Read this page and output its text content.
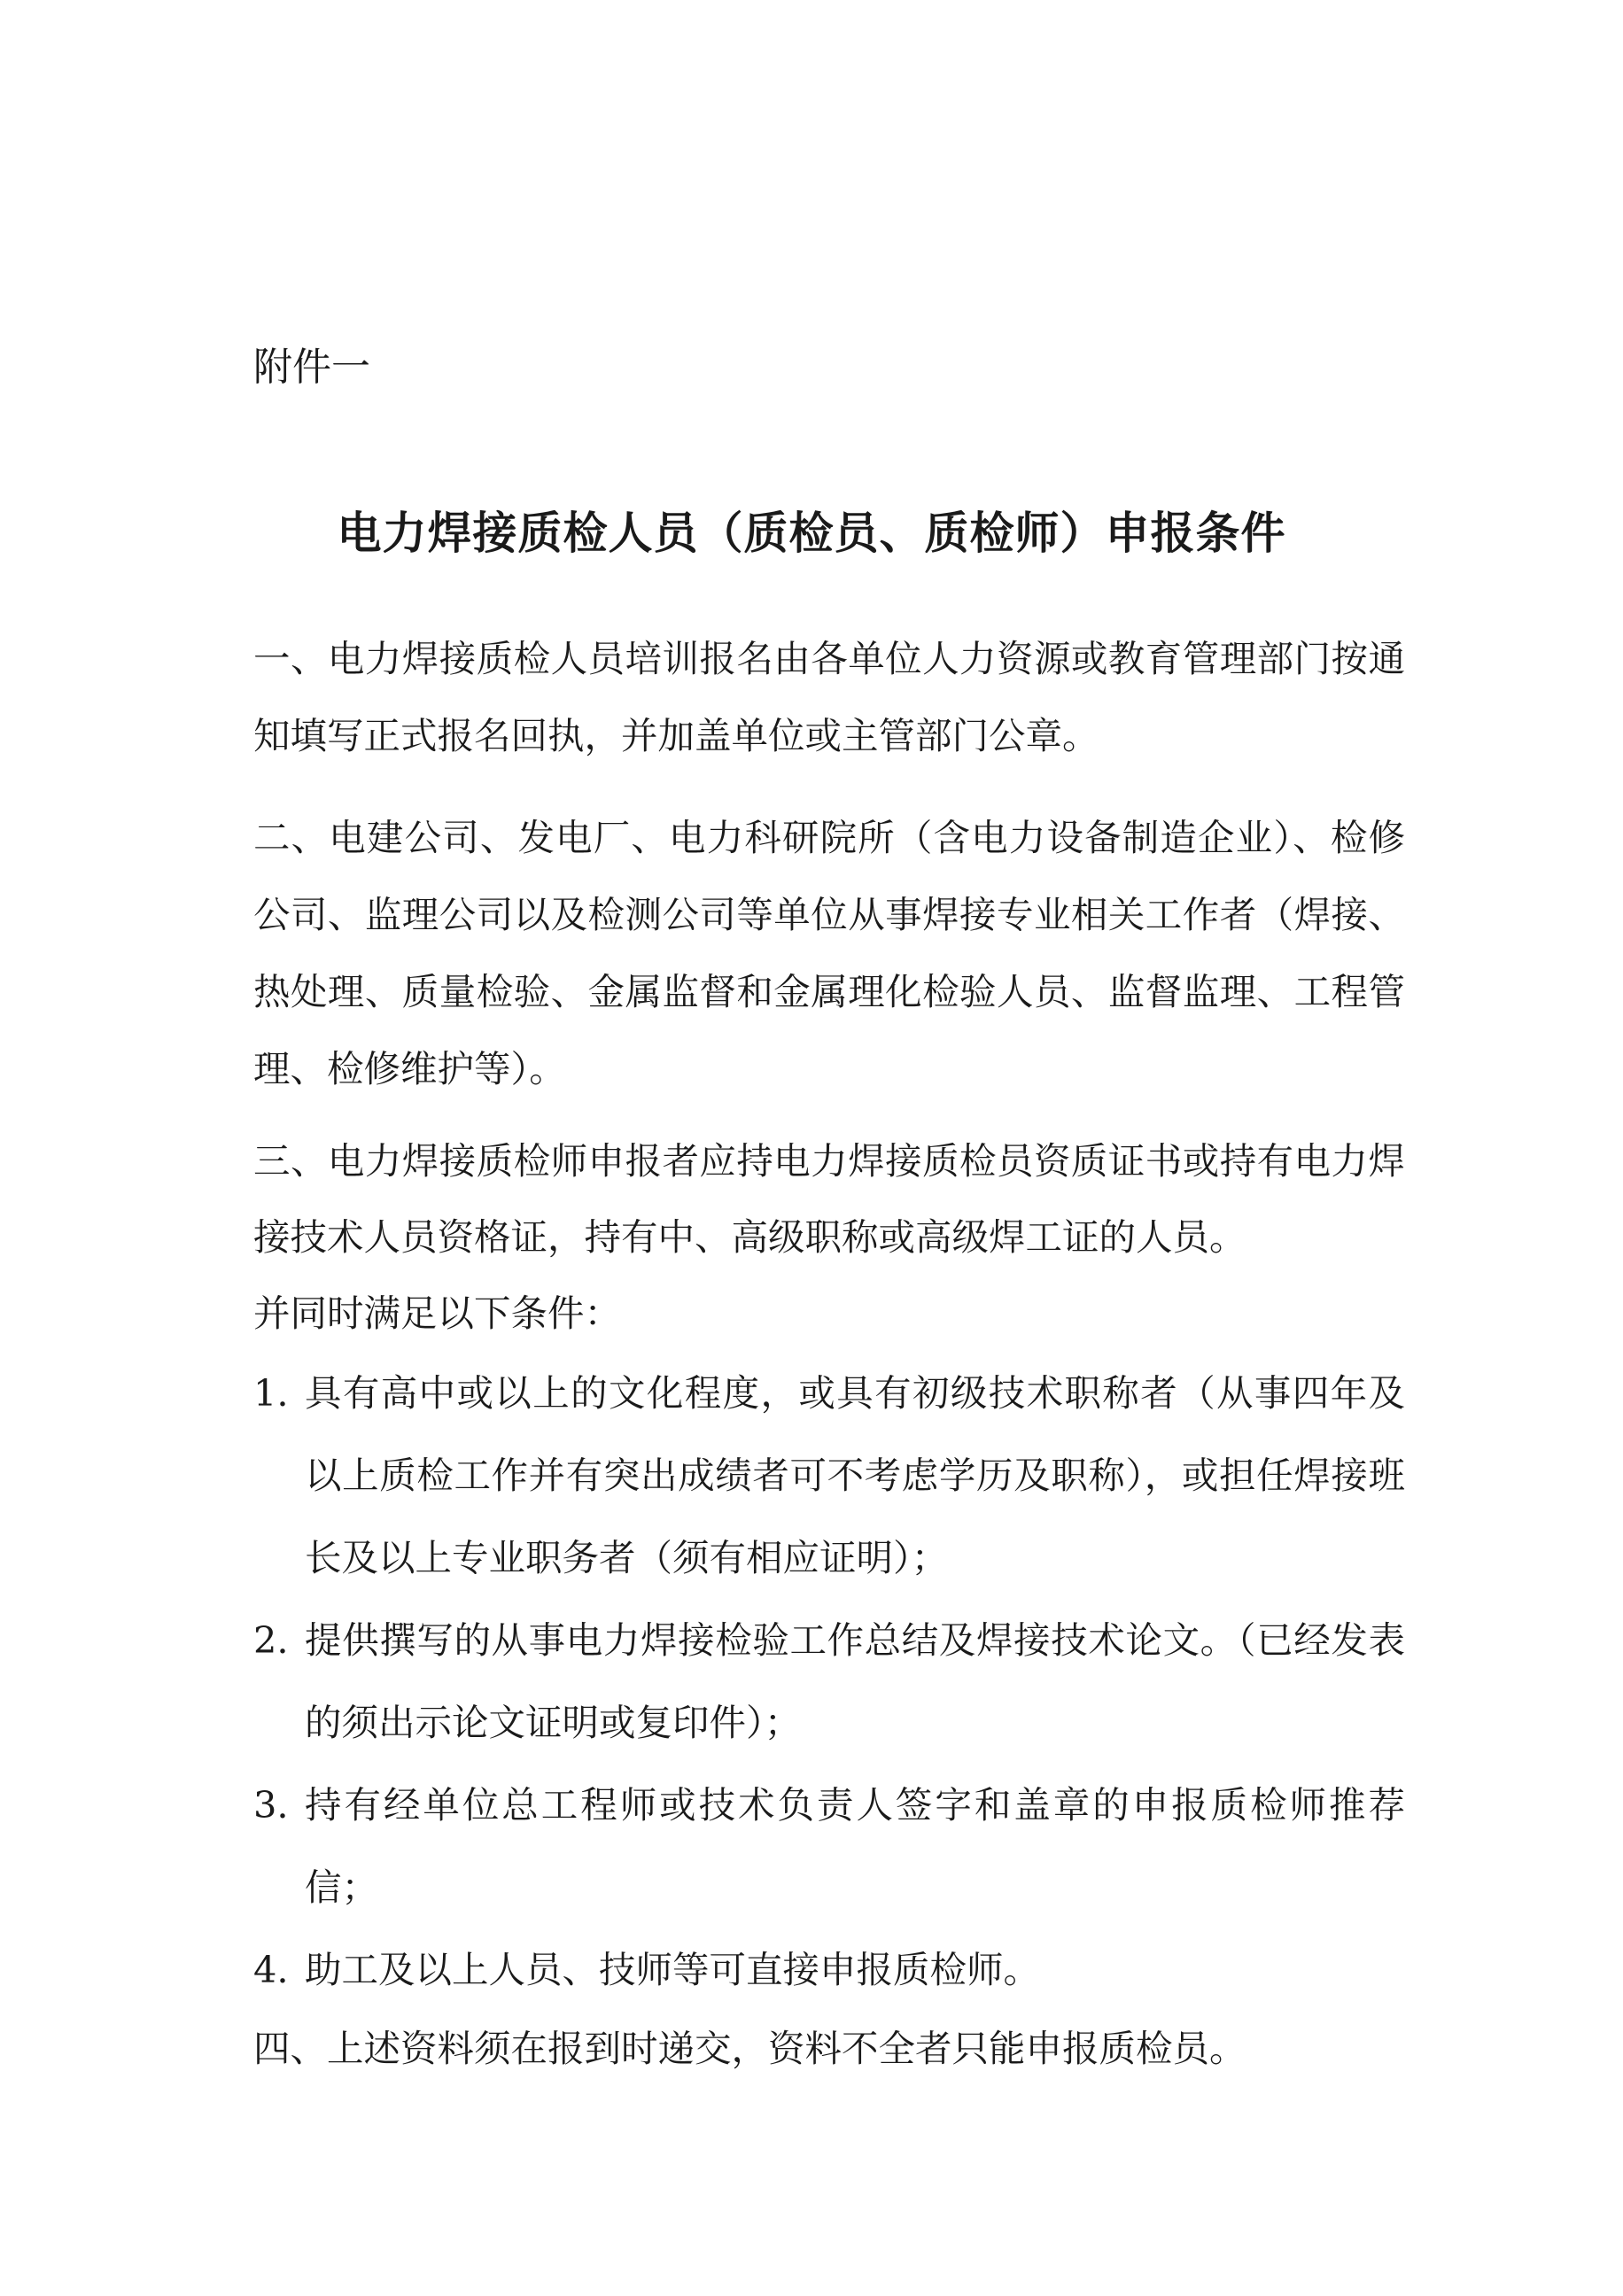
附件一

电力焊接质检人员（质检员、质检师）申报条件

一、电力焊接质检人员培训报名由各单位人力资源或教育管理部门按通知填写正式报名回执，并加盖单位或主管部门公章。

二、电建公司、发电厂、电力科研院所（含电力设备制造企业）、检修公司、监理公司以及检测公司等单位从事焊接专业相关工作者（焊接、热处理、质量检验、金属监督和金属理化检验人员、监督监理、工程管理、检修维护等）。

三、电力焊接质检师申报者应持电力焊接质检员资质证书或持有电力焊接技术人员资格证，持有中、高级职称或高级焊工证的人员。

并同时满足以下条件：

1. 具有高中或以上的文化程度，或具有初级技术职称者（从事四年及以上质检工作并有突出成绩者可不考虑学历及职称），或担任焊接班长及以上专业职务者（须有相应证明）；
2. 提供撰写的从事电力焊接检验工作总结及焊接技术论文。（已经发表的须出示论文证明或复印件）；
3. 持有经单位总工程师或技术负责人签字和盖章的申报质检师推荐信；
4. 助工及以上人员、技师等可直接申报质检师。

四、上述资料须在报到时递交，资料不全者只能申报质检员。
